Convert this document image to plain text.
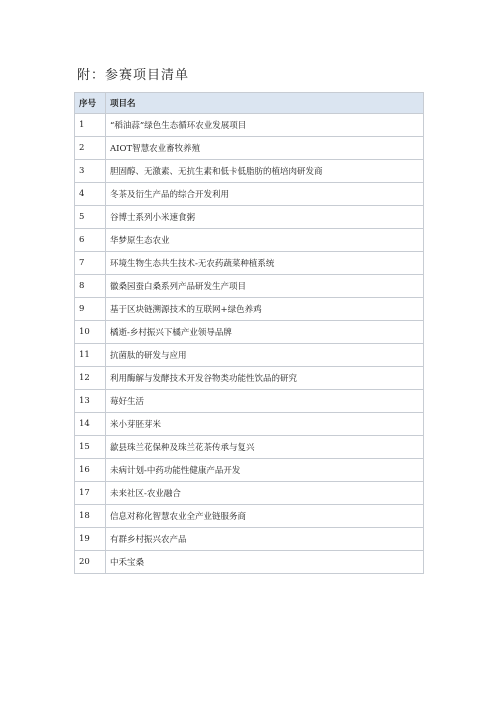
附：参赛项目清单
序号	项目名
1	“稻油蒜”绿色生态循环农业发展项目
2	AIOT智慧农业畜牧养殖
3	胆固醇、无激素、无抗生素和低卡低脂肪的植培肉研发商
4	冬茶及衍生产品的综合开发利用
5	谷博士系列小米速食粥
6	华梦原生态农业
7	环境生物生态共生技术-无农药蔬菜种植系统
8	徽桑园蚕白桑系列产品研发生产项目
9	基于区块链溯源技术的互联网+绿色养鸡
10	橘逝-乡村振兴下橘产业领导品牌
11	抗菌肽的研发与应用
12	利用酶解与发酵技术开发谷物类功能性饮品的研究
13	莓好生活
14	米小芽胚芽米
15	歙县珠兰花保种及珠兰花茶传承与复兴
16	未病计划-中药功能性健康产品开发
17	未来社区-农业融合
18	信息对称化智慧农业全产业链服务商
19	有群乡村振兴农产品
20	中禾宝桑
